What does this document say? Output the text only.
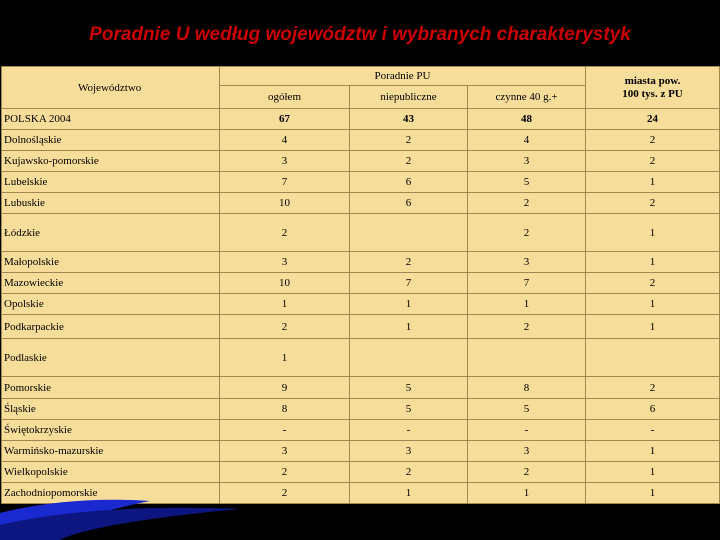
Poradnie U według województw i wybranych charakterystyk
Województwo	Poradnie PU			miasta pow.
100 tys. z PU

	ogółem	niepubliczne	czynne 40 g.+	
POLSKA 2004	67	43	48	24
Dolnośląskie	4	2	4	2
Kujawsko-pomorskie	3	2	3	2
Lubelskie	7	6	5	1
Lubuskie	10	6	2	2
Łódzkie	2		2	1
Małopolskie	3	2	3	1
Mazowieckie	10	7	7	2
Opolskie	1	1	1	1
Podkarpackie	2	1	2	1
Podlaskie	1			
Pomorskie	9	5	8	2
Śląskie	8	5	5	6
Świętokrzyskie	-	-	-	-
Warmińsko-mazurskie	3	3	3	1
Wielkopolskie	2	2	2	1
Zachodniopomorskie	2	1	1	1
